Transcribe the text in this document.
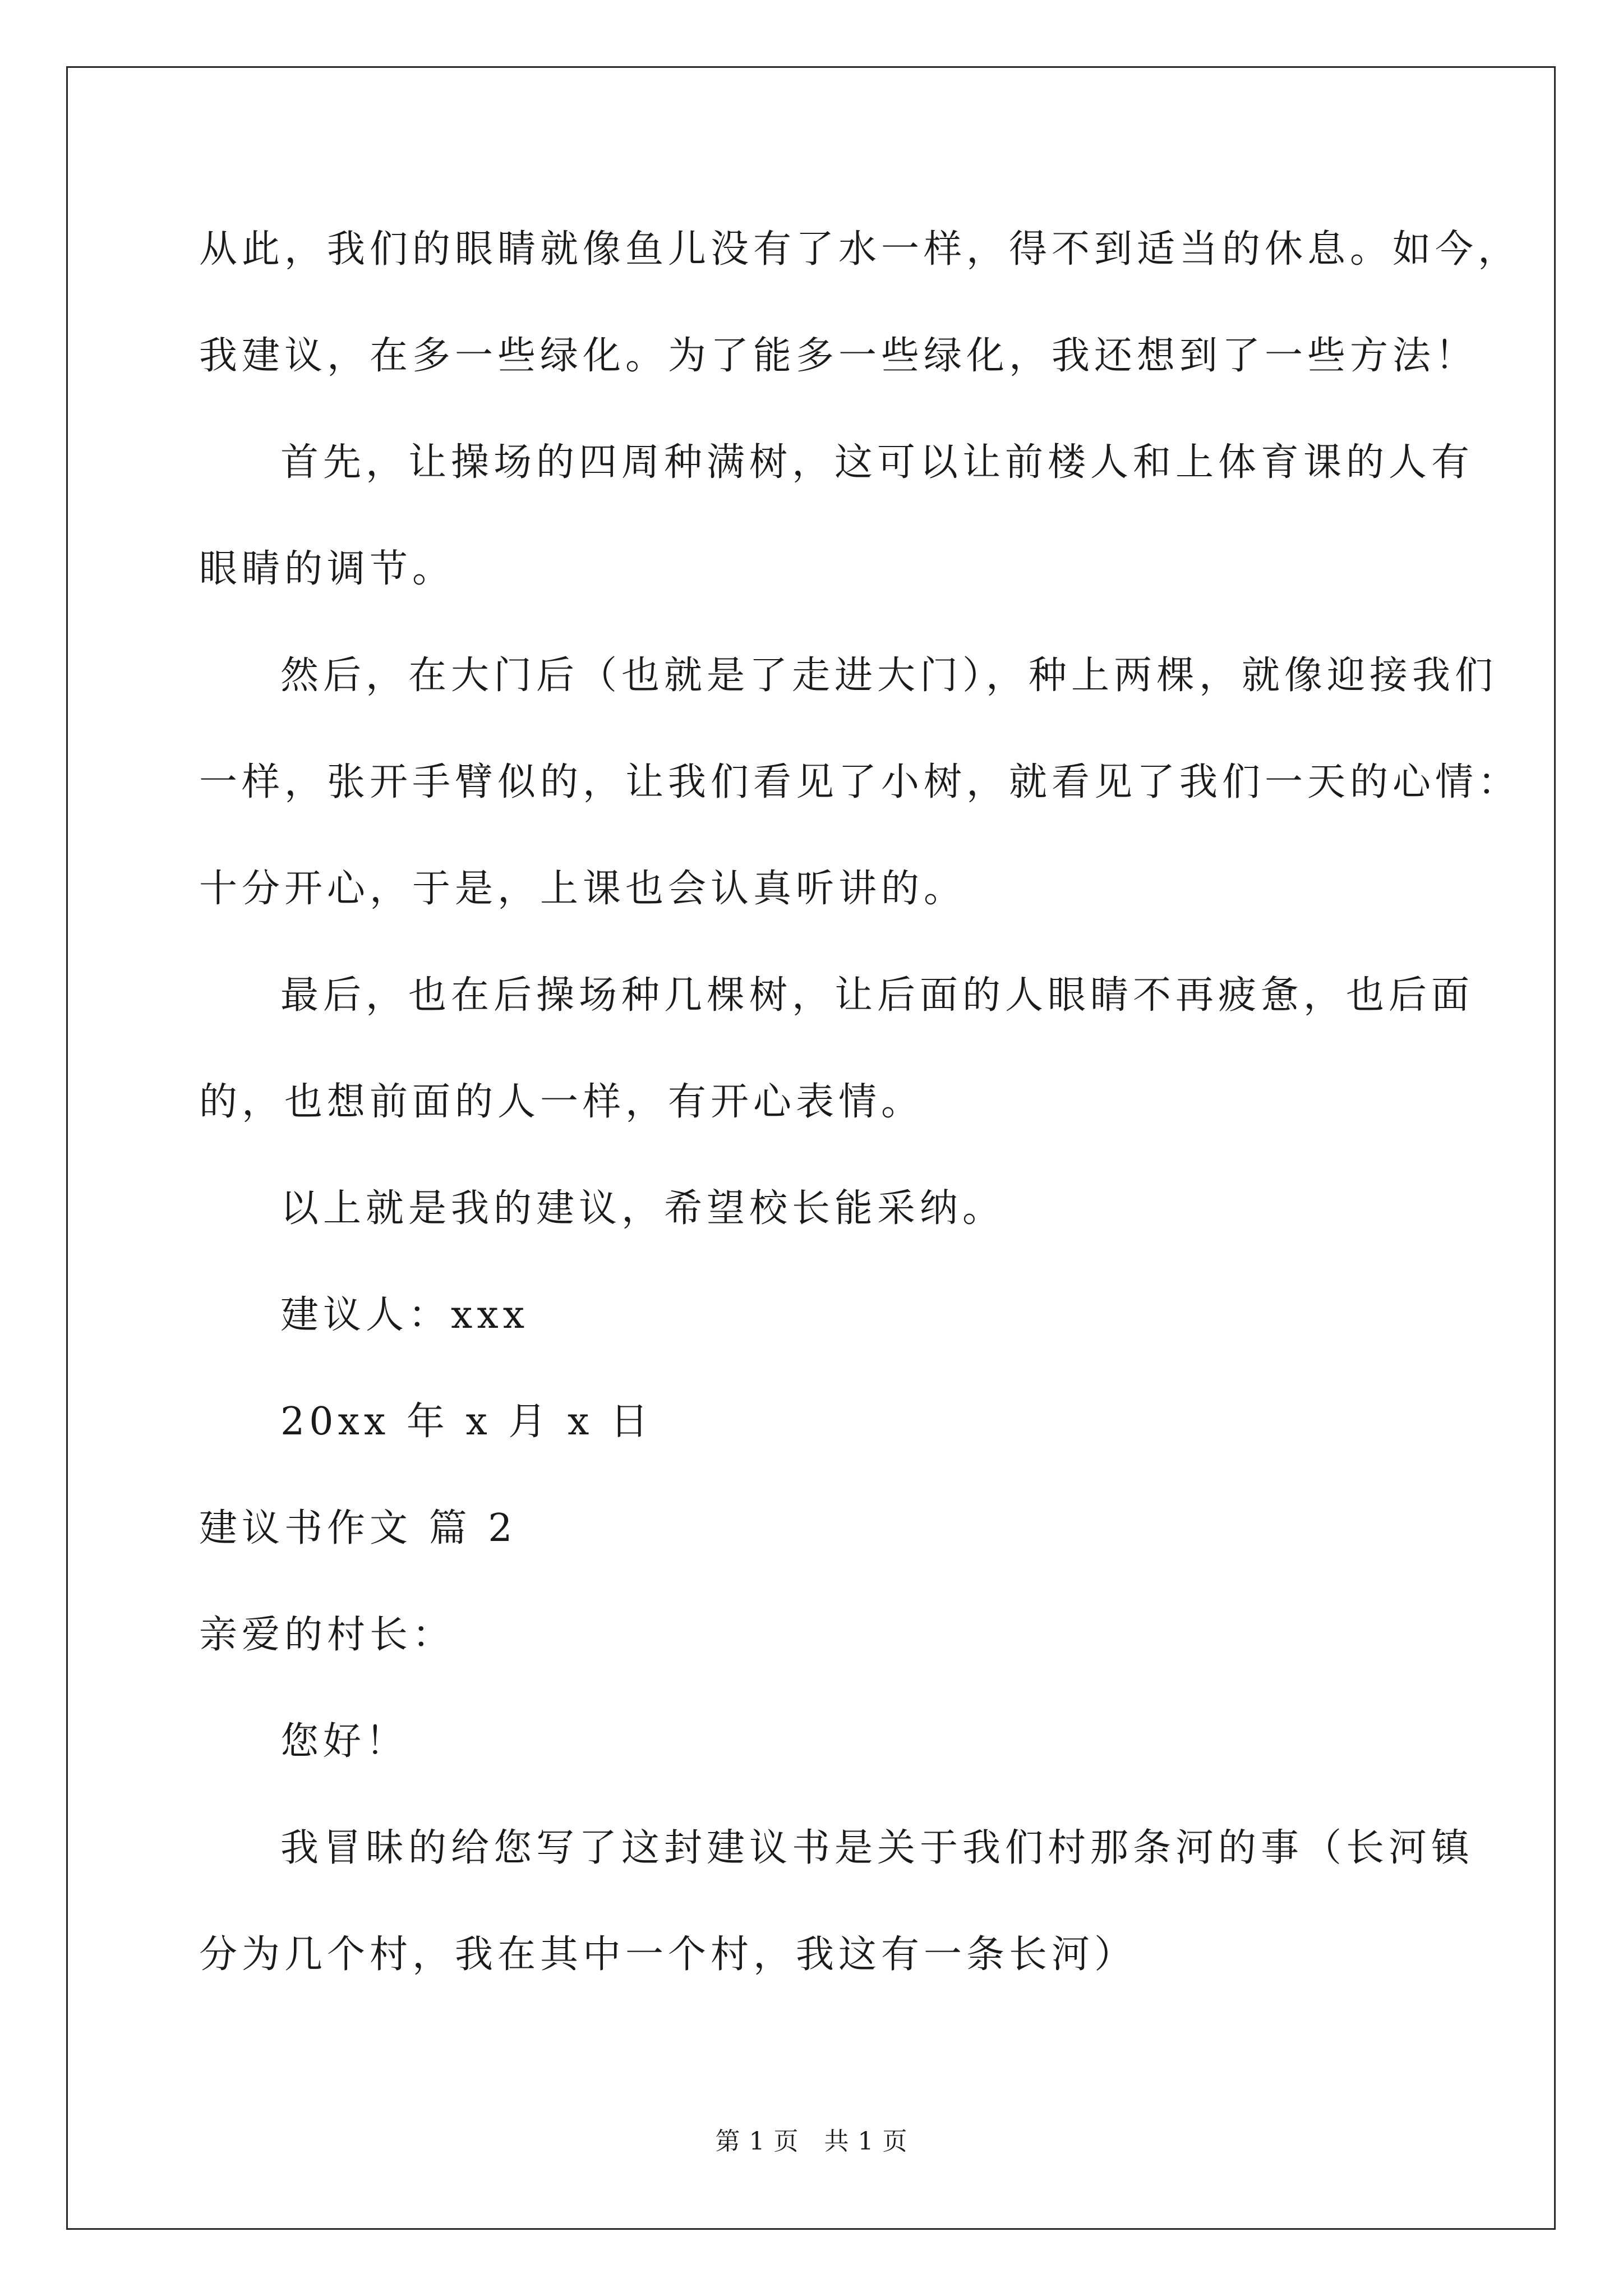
从此，我们的眼睛就像鱼儿没有了水一样，得不到适当的休息。如今，
我建议，在多一些绿化。为了能多一些绿化，我还想到了一些方法！
首先，让操场的四周种满树，这可以让前楼人和上体育课的人有
眼睛的调节。
然后，在大门后（也就是了走进大门），种上两棵，就像迎接我们
一样，张开手臂似的，让我们看见了小树，就看见了我们一天的心情：
十分开心，于是，上课也会认真听讲的。
最后，也在后操场种几棵树，让后面的人眼睛不再疲惫，也后面
的，也想前面的人一样，有开心表情。
以上就是我的建议，希望校长能采纳。
建议人：xxx
20xx 年 x 月 x 日
建议书作文 篇 2
亲爱的村长：
您好！
我冒昧的给您写了这封建议书是关于我们村那条河的事（长河镇
分为几个村，我在其中一个村，我这有一条长河）
第 1 页   共 1 页
